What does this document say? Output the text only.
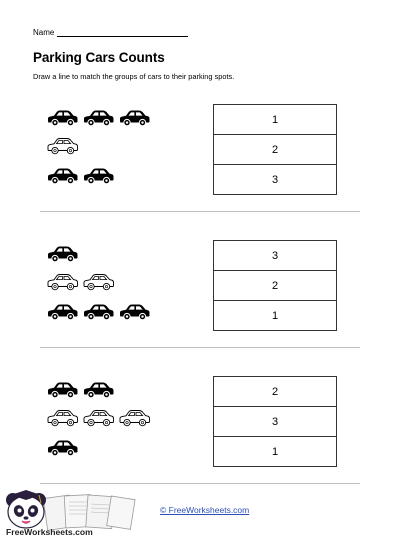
Name
Parking Cars Counts
Draw a line to match the groups of cars to their parking spots.
1
2
3
3
2
1
2
3
1
FreeWorksheets.com
© FreeWorksheets.com
